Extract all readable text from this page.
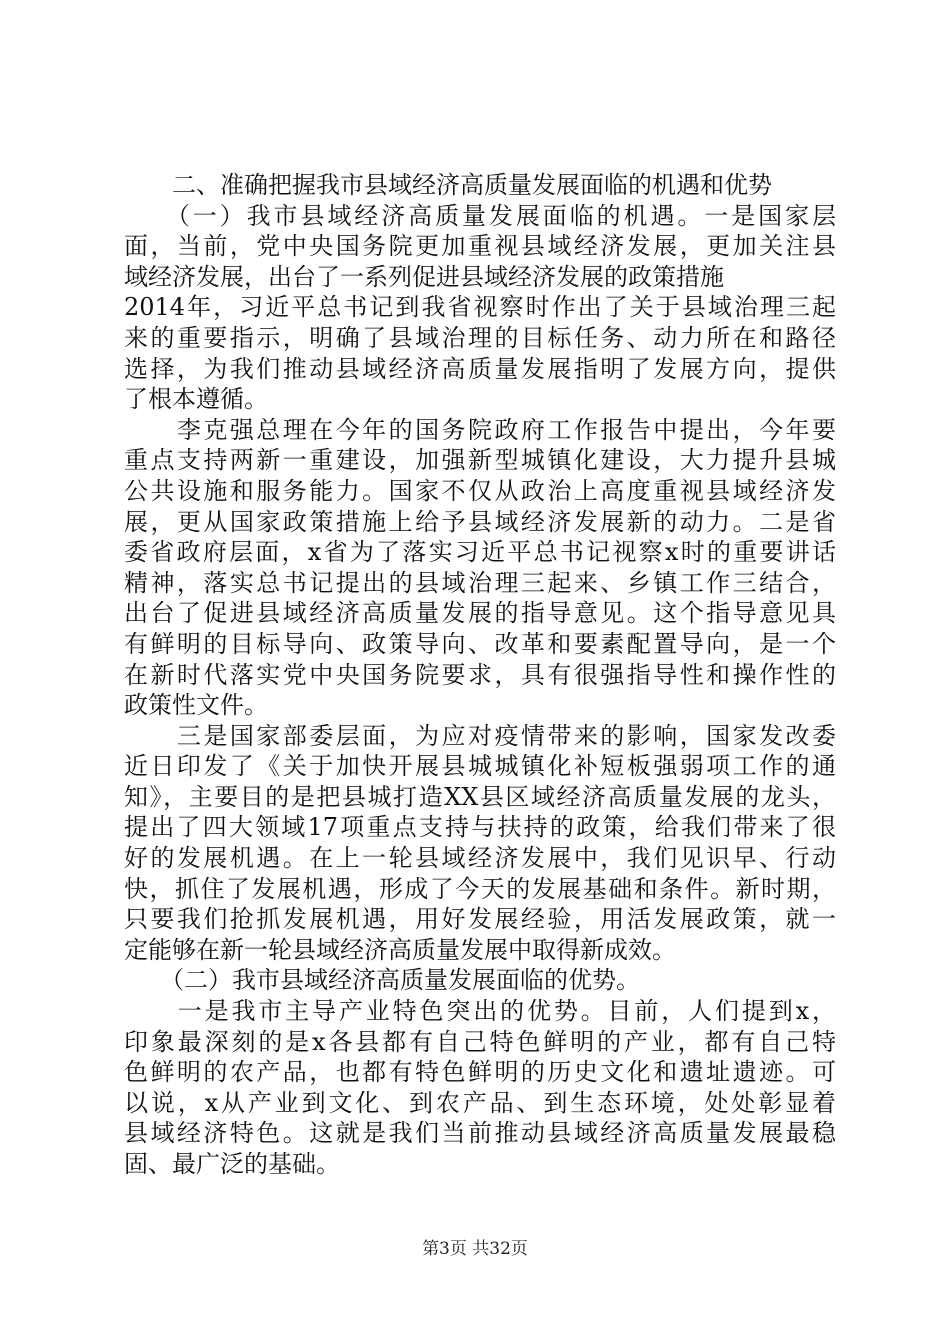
　　二、准确把握我市县域经济高质量发展面临的机遇和优势
　　（一）我市县域经济高质量发展面临的机遇。一是国家层
面，当前，党中央国务院更加重视县域经济发展，更加关注县
域经济发展，出台了一系列促进县域经济发展的政策措施
2014年，习近平总书记到我省视察时作出了关于县域治理三起
来的重要指示，明确了县域治理的目标任务、动力所在和路径
选择，为我们推动县域经济高质量发展指明了发展方向，提供
了根本遵循。
　　李克强总理在今年的国务院政府工作报告中提出，今年要
重点支持两新一重建设，加强新型城镇化建设，大力提升县城
公共设施和服务能力。国家不仅从政治上高度重视县域经济发
展，更从国家政策措施上给予县域经济发展新的动力。二是省
委省政府层面，x省为了落实习近平总书记视察x时的重要讲话
精神，落实总书记提出的县域治理三起来、乡镇工作三结合，
出台了促进县域经济高质量发展的指导意见。这个指导意见具
有鲜明的目标导向、政策导向、改革和要素配置导向，是一个
在新时代落实党中央国务院要求，具有很强指导性和操作性的
政策性文件。
　　三是国家部委层面，为应对疫情带来的影响，国家发改委
近日印发了《关于加快开展县城城镇化补短板强弱项工作的通
知》，主要目的是把县城打造XX县区域经济高质量发展的龙头，
提出了四大领域17项重点支持与扶持的政策，给我们带来了很
好的发展机遇。在上一轮县域经济发展中，我们见识早、行动
快，抓住了发展机遇，形成了今天的发展基础和条件。新时期，
只要我们抢抓发展机遇，用好发展经验，用活发展政策，就一
定能够在新一轮县域经济高质量发展中取得新成效。
　　（二）我市县域经济高质量发展面临的优势。
　　一是我市主导产业特色突出的优势。目前，人们提到x，
印象最深刻的是x各县都有自己特色鲜明的产业，都有自己特
色鲜明的农产品，也都有特色鲜明的历史文化和遗址遗迹。可
以说，x从产业到文化、到农产品、到生态环境，处处彰显着
县域经济特色。这就是我们当前推动县域经济高质量发展最稳
固、最广泛的基础。
第3页 共32页
